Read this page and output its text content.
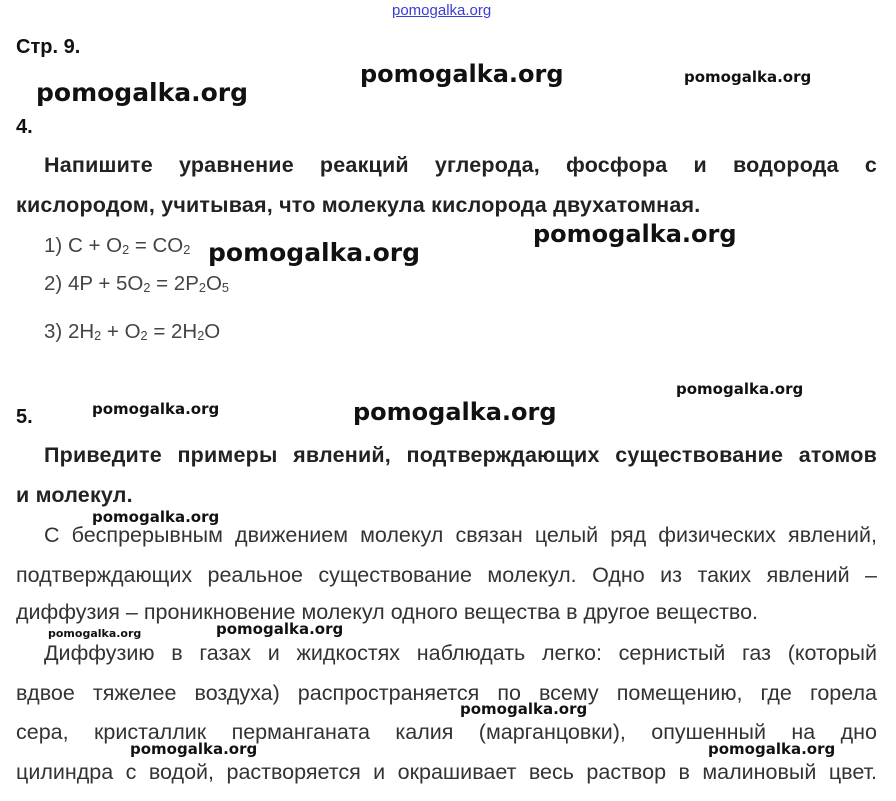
pomogalka.org
Стр. 9.
4.
Напишите уравнение реакций углерода, фосфора и водорода с
кислородом, учитывая, что молекула кислорода двухатомная.
1) $C + O_2 = CO_2$
2) $4P + 5O_2 = 2P_2O_5$
3) $2H_2 + O_2 = 2H_2O$
5.
Приведите примеры явлений, подтверждающих существование атомов
и молекул.
С беспрерывным движением молекул связан целый ряд физических явлений,
подтверждающих реальное существование молекул. Одно из таких явлений –
диффузия – проникновение молекул одного вещества в другое вещество.
Диффузию в газах и жидкостях наблюдать легко: сернистый газ (который
вдвое тяжелее воздуха) распространяется по всему помещению, где горела
сера, кристаллик перманганата калия (марганцовки), опушенный на дно
цилиндра с водой, растворяется и окрашивает весь раствор в малиновый цвет.
pomogalka.org	pomogalka.org
pomogalka.org
pomogalka.org
pomogalka.org
pomogalka.org
pomogalka.org	pomogalka.org
pomogalka.org
pomogalka.org
pomogalka.org
pomogalka.org
pomogalka.org	pomogalka.org
